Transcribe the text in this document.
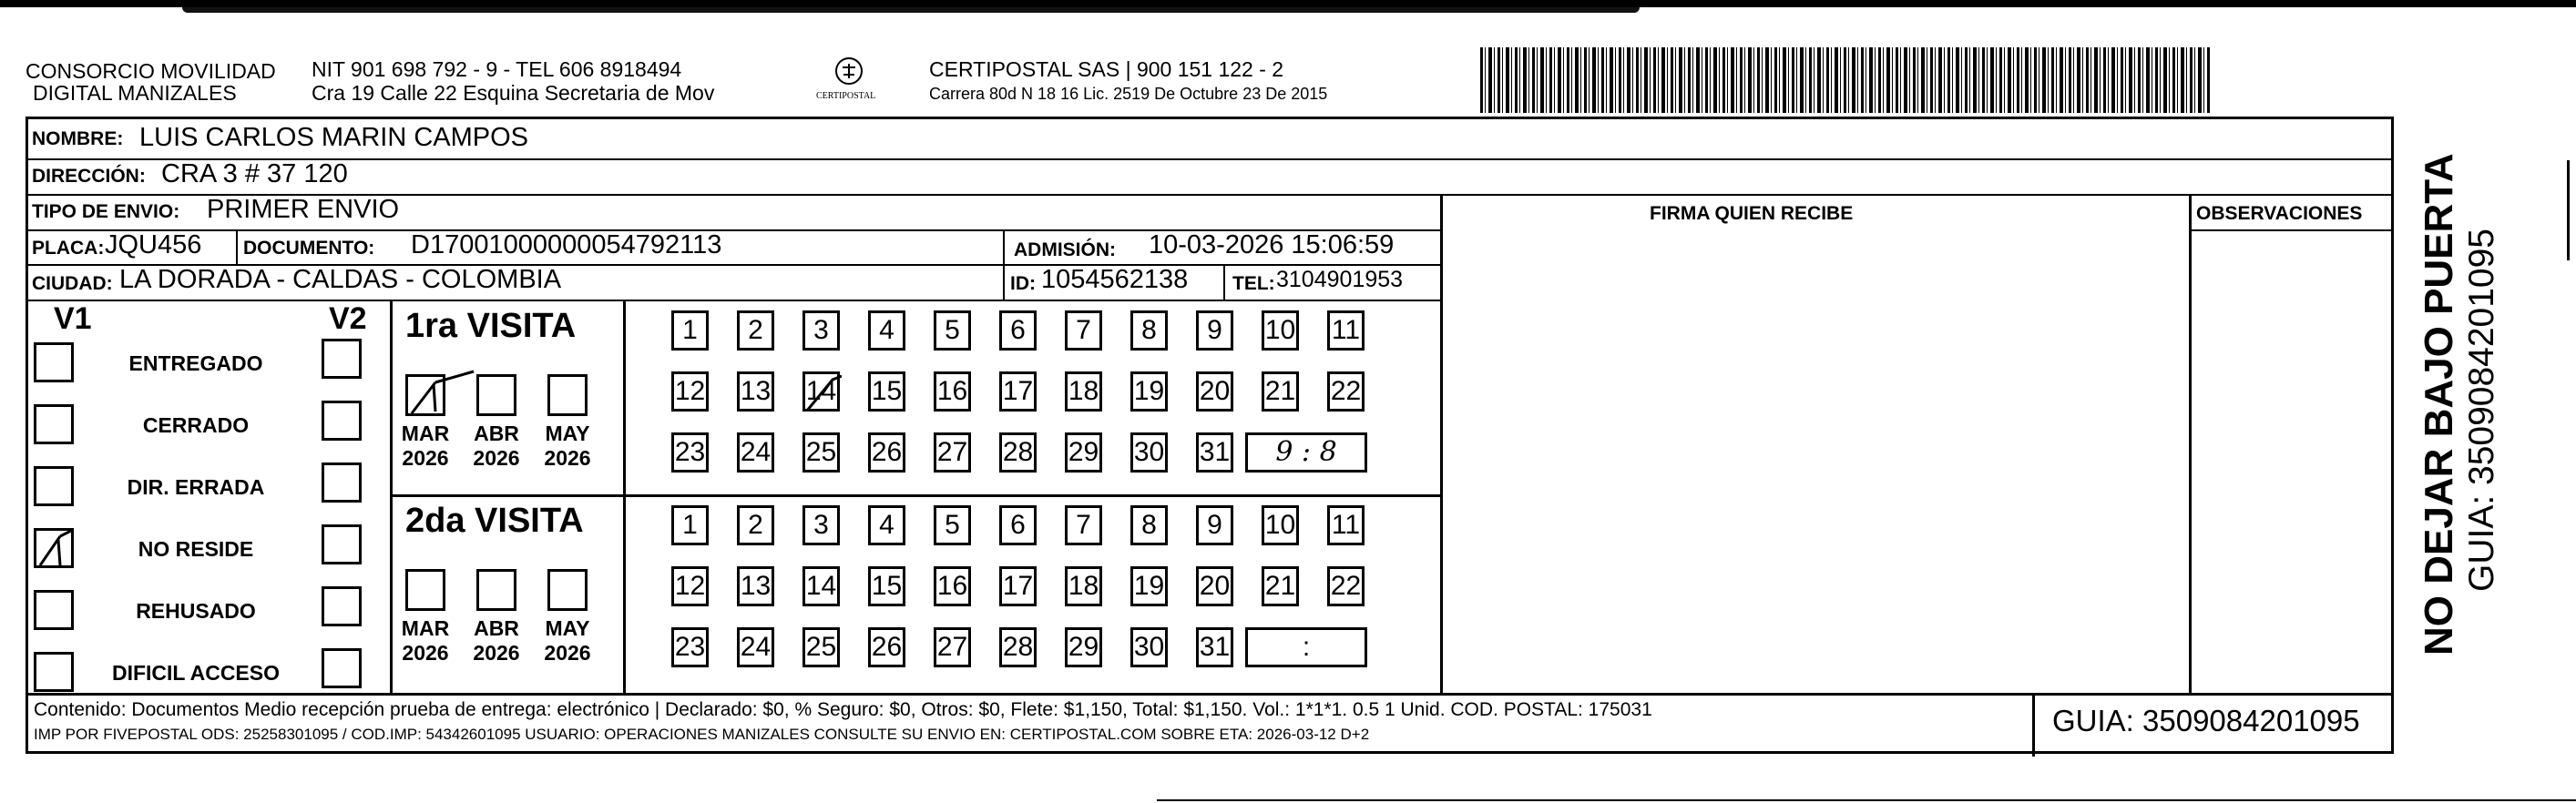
CONSORCIO MOVILIDAD
DIGITAL MANIZALES
NIT 901 698 792 - 9 - TEL 606 8918494
Cra 19 Calle 22 Esquina Secretaria de Mov	CERTIPOSTAL
CERTIPOSTAL SAS | 900 151 122 - 2
Carrera 80d N 18 16 Lic. 2519 De Octubre 23 De 2015
NOMBRE: LUIS CARLOS MARIN CAMPOS
DIRECCIÓN: CRA 3 # 37 120
TIPO DE ENVIO: PRIMER ENVIO	FIRMA QUIEN RECIBE	OBSERVACIONES
PLACA: JQU456 DOCUMENTO: D17001000000054792113	ADMISIÓN: 10-03-2026 15:06:59
CIUDAD: LA DORADA - CALDAS - COLOMBIA	ID: 1054562138 TEL: 3104901953
V1	V2
ENTREGADO
CERRADO
DIR. ERRADA
NO RESIDE
REHUSADO
DIFICIL ACCESO
1ra VISITA
MAR
2026
ABR
2026
MAY
2026
1	2	3	4	5	6	7	8	9	10 11
12 13 14 15 16 17 18 19 20 21 22
23 24 25 26 27 28 29 30 31	9 : 8
2da VISITA
MAR
2026
ABR
2026
MAY
2026
1	2	3	4	5	6	7	8	9	10 11
12 13 14 15 16 17 18 19 20 21 22
23 24 25 26 27 28 29 30 31	:
Contenido: Documentos Medio recepción prueba de entrega: electrónico | Declarado: $0, % Seguro: $0, Otros: $0, Flete: $1,150, Total: $1,150. Vol.: 1*1*1. 0.5 1 Unid. COD. POSTAL: 175031
IMP POR FIVEPOSTAL ODS: 25258301095 / COD.IMP: 54342601095 USUARIO: OPERACIONES MANIZALES CONSULTE SU ENVIO EN: CERTIPOSTAL.COM SOBRE ETA: 2026-03-12 D+2	GUIA: 3509084201095
NO DEJAR BAJO PUERTA GUIA: 3509084201095
